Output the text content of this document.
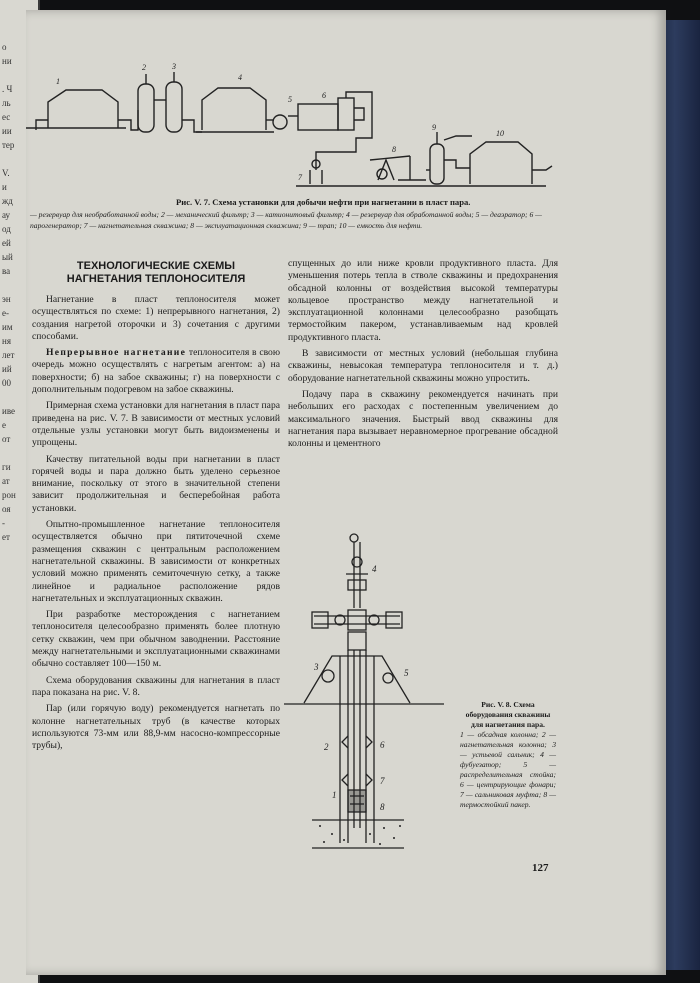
о
ни

. Ч
ль
ес
ии
тер

V.
и
жд
ау
од
ей
ый
ва

эн
е-
им
ня
лет
ий
00

иве
е
от

ги
ат
рон
оя
-
ет
1
2	3
4
5	6
7
8
9
10
Рис. V. 7. Схема установки для добычи нефти при нагнетании в пласт пара.
— резервуар для необработанной воды; 2 — механический фильтр; 3 — катионитовый фильтр; 4 — резервуар для обработанной воды; 5 — деаэратор; 6 — парогенератор; 7 — нагнетательная скважина; 8 — эксплуатационная скважина; 9 — трап; 10 — емкость для нефти.
ТЕХНОЛОГИЧЕСКИЕ СХЕМЫ
НАГНЕТАНИЯ ТЕПЛОНОСИТЕЛЯ

Нагнетание в пласт теплоносителя может осуществляться по схеме: 1) непрерывного нагнетания, 2) создания нагретой оторочки и 3) сочетания с другими способами.

Непрерывное нагнетание теплоносителя в свою очередь можно осуществлять с нагретым агентом: а) на поверхности; б) на забое скважины; г) на поверхности с дополнительным подогревом на забое скважины.

Примерная схема установки для нагнетания в пласт пара приведена на рис. V. 7. В зависимости от местных условий отдельные узлы установки могут быть видоизменены и упрощены.

Качеству питательной воды при нагнетании в пласт горячей воды и пара должно быть уделено серьезное внимание, поскольку от этого в значительной степени зависит продолжительная и бесперебойная работа установки.

Опытно-промышленное нагнетание теплоносителя осуществляется обычно при пятиточечной схеме размещения скважин с центральным расположением нагнетательной скважины. В зависимости от конкретных условий можно применять семиточечную сетку, а также линейное и радиальное расположение рядов нагнетательных и эксплуатационных скважин.

При разработке месторождения с нагнетанием теплоносителя целесообразно применять более плотную сетку скважин, чем при обычном заводнении. Расстояние между нагнетательными и эксплуатационными скважинами обычно составляет 100—150 м.

Схема оборудования скважины для нагнетания в пласт пара показана на рис. V. 8.

Пар (или горячую воду) рекомендуется нагнетать по колонне нагнетательных труб (в качестве которых используются 73-мм или 88,9-мм насосно-компрессорные трубы),

спущенных до или ниже кровли продуктивного пласта. Для уменьшения потерь тепла в стволе скважины и предохранения обсадной колонны от воздействия высокой температуры кольцевое пространство между нагнетательной и эксплуатационной колоннами целесообразно разобщать термостойким пакером, устанавливаемым над кровлей продуктивного пласта.

В зависимости от местных условий (небольшая глубина скважины, невысокая температура теплоносителя и т. д.) оборудование нагнетательной скважины можно упростить.

Подачу пара в скважину рекомендуется начинать при небольших его расходах с постепенным увеличением до максимального значения. Быстрый ввод скважины для нагнетания пара вызывает неравномерное прогревание обсадной колонны и цементного

1
2
3
4
5
6
7
8
Рис. V. 8. Схема оборудования скважины для нагнетания пара.
1 — обсадная колонна; 2 — нагнетательная колонна; 3 — устьевой сальник; 4 — фубуезатор; 5 — распределительная стойка; 6 — центрирующие фонари; 7 — сальниковая муфта; 8 — термостойкий пакер.
127
